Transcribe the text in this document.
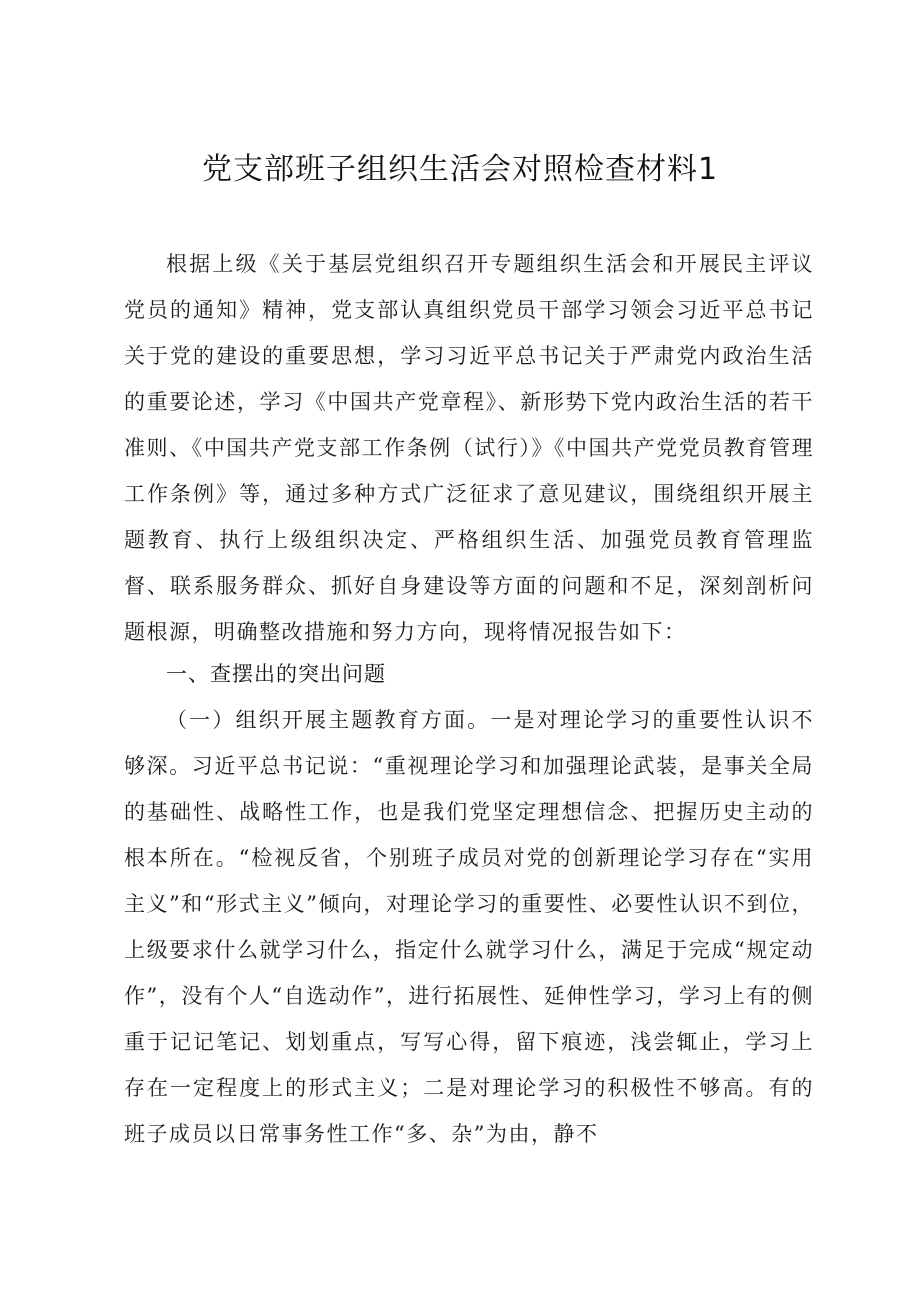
党支部班子组织生活会对照检查材料1

根据上级《关于基层党组织召开专题组织生活会和开展民主评议党员的通知》精神，党支部认真组织党员干部学习领会习近平总书记关于党的建设的重要思想，学习习近平总书记关于严肃党内政治生活的重要论述，学习《中国共产党章程》、新形势下党内政治生活的若干准则、《中国共产党支部工作条例（试行）》《中国共产党党员教育管理工作条例》等，通过多种方式广泛征求了意见建议，围绕组织开展主题教育、执行上级组织决定、严格组织生活、加强党员教育管理监督、联系服务群众、抓好自身建设等方面的问题和不足，深刻剖析问题根源，明确整改措施和努力方向，现将情况报告如下：

一、查摆出的突出问题

（一）组织开展主题教育方面。一是对理论学习的重要性认识不够深。习近平总书记说：“重视理论学习和加强理论武装，是事关全局的基础性、战略性工作，也是我们党坚定理想信念、把握历史主动的根本所在。“检视反省，个别班子成员对党的创新理论学习存在“实用主义”和“形式主义”倾向，对理论学习的重要性、必要性认识不到位，上级要求什么就学习什么，指定什么就学习什么，满足于完成“规定动作”，没有个人“自选动作”，进行拓展性、延伸性学习，学习上有的侧重于记记笔记、划划重点，写写心得，留下痕迹，浅尝辄止，学习上存在一定程度上的形式主义；二是对理论学习的积极性不够高。有的班子成员以日常事务性工作“多、杂”为由，静不
